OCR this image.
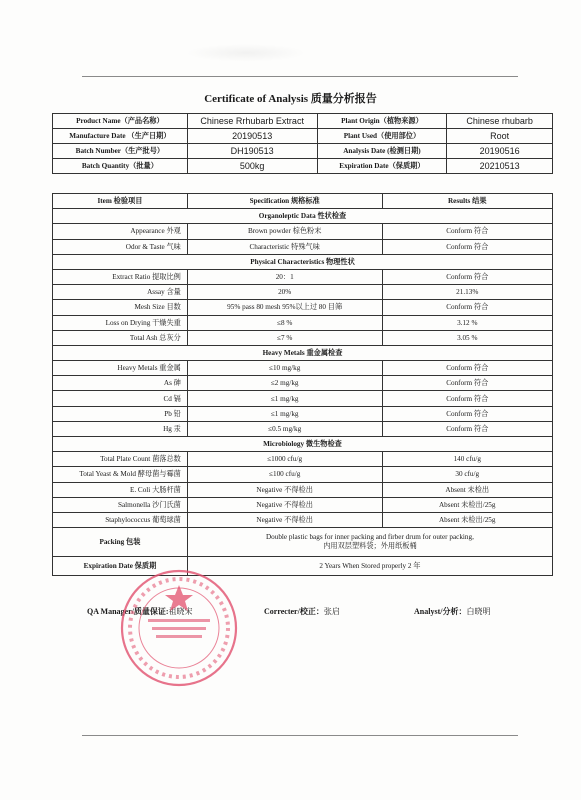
Certificate of Analysis 质量分析报告
Product Name（产品名称）	Chinese Rrhubarb Extract	Plant Origin（植物来源）	Chinese rhubarb
Manufacture Date （生产日期）	20190513	Plant Used（使用部位）	Root
Batch Number（生产批号）	DH190513	Analysis Date (检测日期)	20190516
Batch Quantity（批量）	500kg	Expiration Date（保质期）	20210513
Item 检验项目	Specification 规格标准	Results 结果
Organoleptic Data 性状检查		
Appearance 外观	Brown powder 棕色粉末	Conform 符合
Odor & Taste 气味	Characteristic 特殊气味	Conform 符合
Physical Characteristics 物理性状		
Extract Ratio 提取比例	20：1	Conform 符合
Assay 含量	20%	21.13%
Mesh Size 目数	95% pass 80 mesh 95%以上过 80 目筛	Conform 符合
Loss on Drying 干燥失重	≤8 %	3.12 %
Total Ash 总灰分	≤7 %	3.05 %
Heavy Metals 重金属检查		
Heavy Metals 重金属	≤10 mg/kg	Conform 符合
As 砷	≤2 mg/kg	Conform 符合
Cd 镉	≤1 mg/kg	Conform 符合
Pb 铅	≤1 mg/kg	Conform 符合
Hg 汞	≤0.5 mg/kg	Conform 符合
Microbiology 微生物检查		
Total Plate Count 菌落总数	≤1000 cfu/g	140 cfu/g
Total Yeast & Mold 酵母菌与霉菌	≤100 cfu/g	30 cfu/g
E. Coli 大肠杆菌	Negative 不得检出	Absent 未检出
Salmonella 沙门氏菌	Negative 不得检出	Absent 未检出/25g
Staphylococcus 葡萄球菌	Negative 不得检出	Absent 未检出/25g
Packing 包装	Double plastic bags for inner packing and firber drum for outer packing,
内用双层塑料袋；外用纸板桶	

Expiration Date 保质期	2 Years When Stored properly 2 年	
QA Manager/质量保证:祖晓宋	Correcter/校正：张启	Analyst/分析：白晓明
